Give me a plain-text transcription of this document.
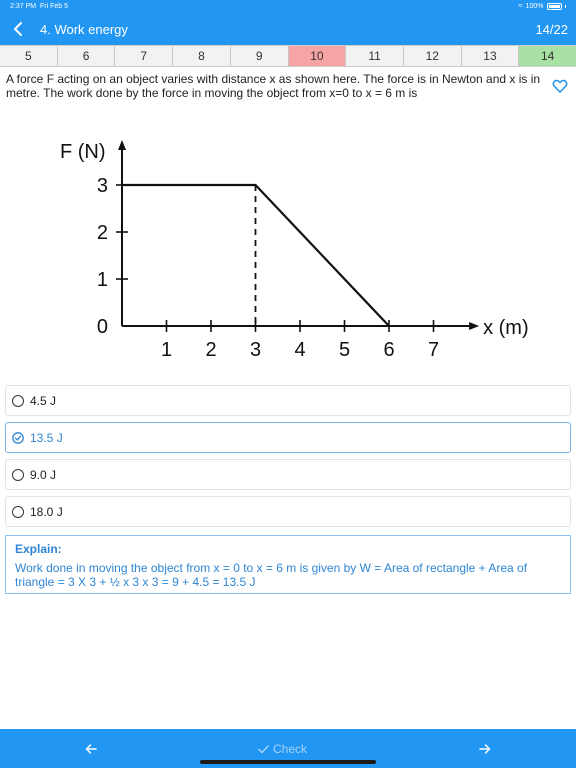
2:37 PM Fri Feb 5	≈ 100%
4. Work energy	14/22
5	6	7	8	9	10	11	12	13	14
A force F acting on an object varies with distance x as shown here. The force is in Newton and x is in metre. The work done by the force in moving the object from x=0 to x = 6 m is
0
1
2
3
1 2 3 4 5 6 7
F (N)
x (m)
4.5 J
13.5 J
9.0 J
18.0 J
Explain:
Work done in moving the object from x = 0 to x = 6 m is given by W = Area of rectangle + Area of triangle = 3 X 3 + ½ x 3 x 3 = 9 + 4.5 = 13.5 J
Check
